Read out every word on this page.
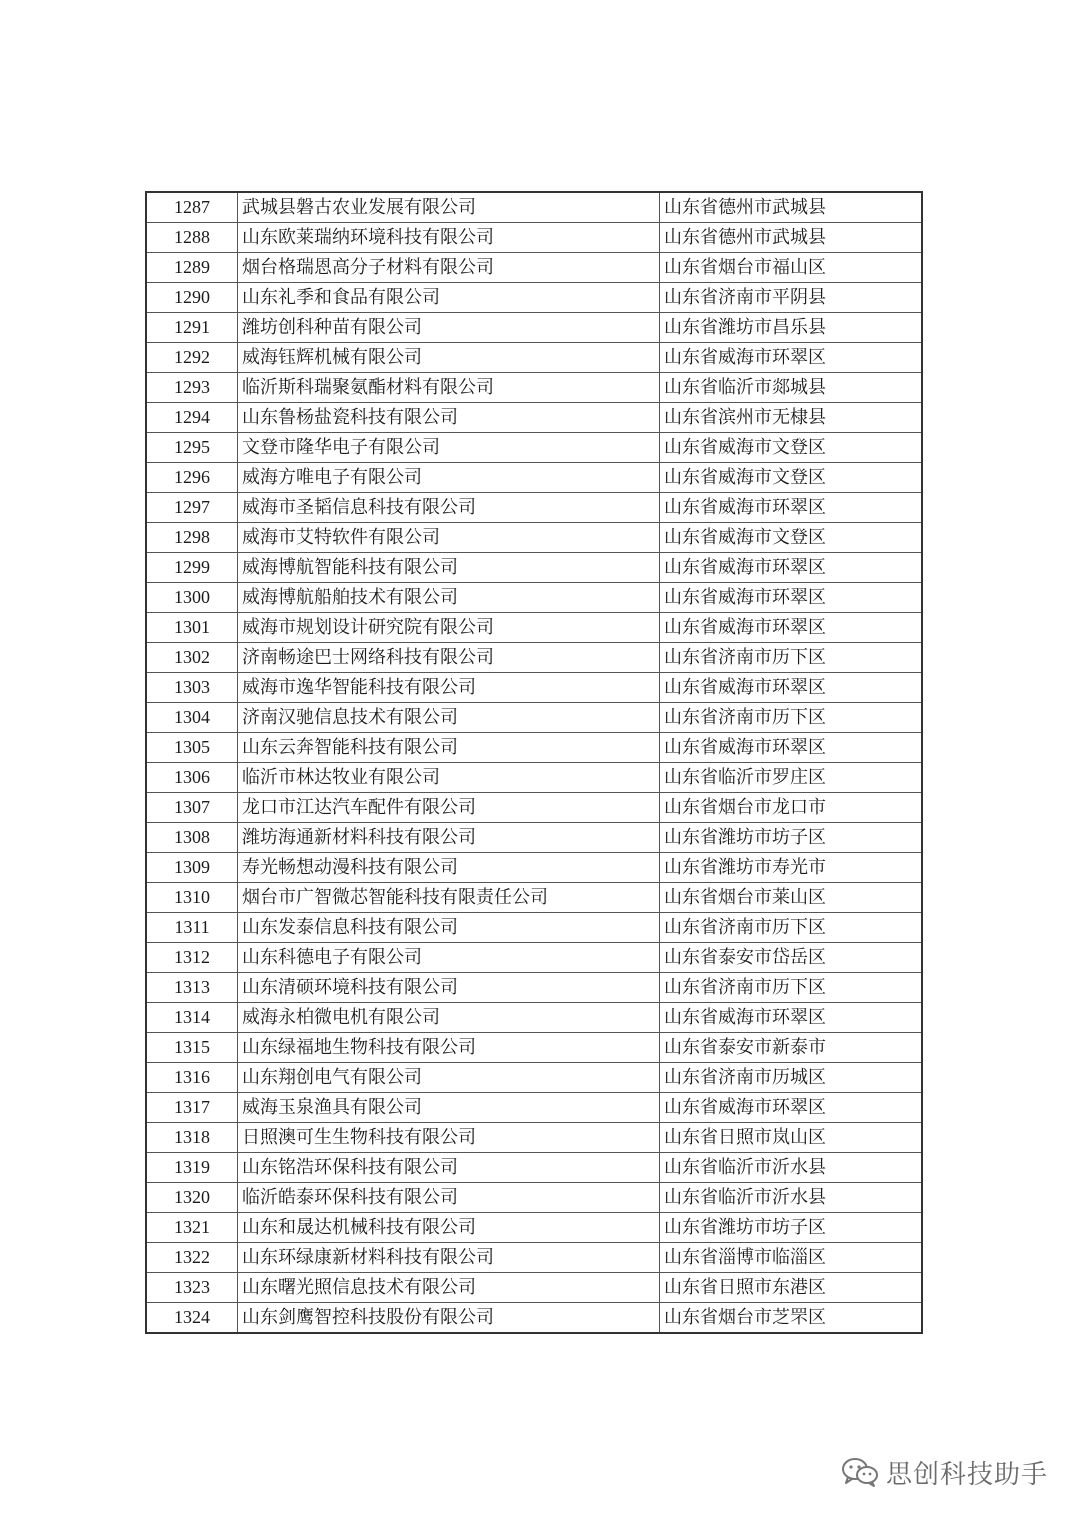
1287	武城县磐古农业发展有限公司	山东省德州市武城县
1288	山东欧莱瑞纳环境科技有限公司	山东省德州市武城县
1289	烟台格瑞恩高分子材料有限公司	山东省烟台市福山区
1290	山东礼季和食品有限公司	山东省济南市平阴县
1291	潍坊创科种苗有限公司	山东省潍坊市昌乐县
1292	威海钰辉机械有限公司	山东省威海市环翠区
1293	临沂斯科瑞聚氨酯材料有限公司	山东省临沂市郯城县
1294	山东鲁杨盐瓷科技有限公司	山东省滨州市无棣县
1295	文登市隆华电子有限公司	山东省威海市文登区
1296	威海方唯电子有限公司	山东省威海市文登区
1297	威海市圣韬信息科技有限公司	山东省威海市环翠区
1298	威海市艾特软件有限公司	山东省威海市文登区
1299	威海博航智能科技有限公司	山东省威海市环翠区
1300	威海博航船舶技术有限公司	山东省威海市环翠区
1301	威海市规划设计研究院有限公司	山东省威海市环翠区
1302	济南畅途巴士网络科技有限公司	山东省济南市历下区
1303	威海市逸华智能科技有限公司	山东省威海市环翠区
1304	济南汉驰信息技术有限公司	山东省济南市历下区
1305	山东云奔智能科技有限公司	山东省威海市环翠区
1306	临沂市林达牧业有限公司	山东省临沂市罗庄区
1307	龙口市江达汽车配件有限公司	山东省烟台市龙口市
1308	潍坊海通新材料科技有限公司	山东省潍坊市坊子区
1309	寿光畅想动漫科技有限公司	山东省潍坊市寿光市
1310	烟台市广智微芯智能科技有限责任公司	山东省烟台市莱山区
1311	山东发泰信息科技有限公司	山东省济南市历下区
1312	山东科德电子有限公司	山东省泰安市岱岳区
1313	山东清硕环境科技有限公司	山东省济南市历下区
1314	威海永柏微电机有限公司	山东省威海市环翠区
1315	山东绿福地生物科技有限公司	山东省泰安市新泰市
1316	山东翔创电气有限公司	山东省济南市历城区
1317	威海玉泉渔具有限公司	山东省威海市环翠区
1318	日照澳可生生物科技有限公司	山东省日照市岚山区
1319	山东铭浩环保科技有限公司	山东省临沂市沂水县
1320	临沂皓泰环保科技有限公司	山东省临沂市沂水县
1321	山东和晟达机械科技有限公司	山东省潍坊市坊子区
1322	山东环绿康新材料科技有限公司	山东省淄博市临淄区
1323	山东曙光照信息技术有限公司	山东省日照市东港区
1324	山东剑鹰智控科技股份有限公司	山东省烟台市芝罘区
思创科技助手
